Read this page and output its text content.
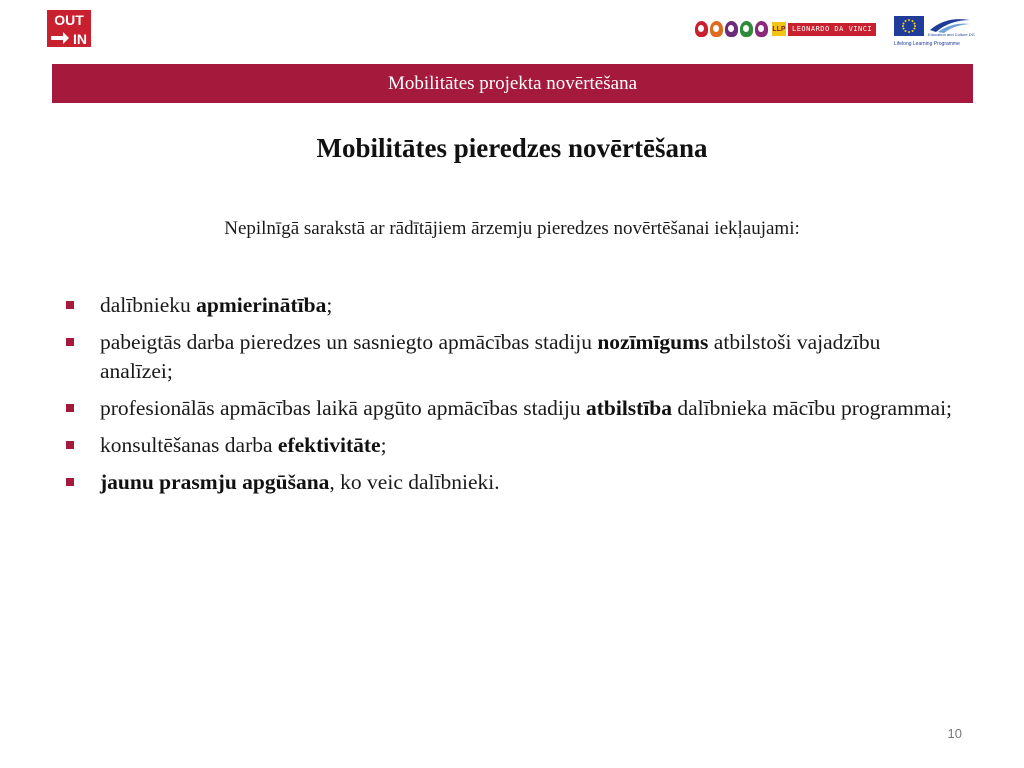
OUT
IN
LLP LEONARDO DA VINCI
Education and Culture DG
Lifelong Learning Programme
Mobilitātes projekta novērtēšana
Mobilitātes pieredzes novērtēšana
Nepilnīgā sarakstā ar rādītājiem ārzemju pieredzes novērtēšanai iekļaujami:
dalībnieku apmierinātība;
pabeigtās darba pieredzes un sasniegto apmācības stadiju nozīmīgums atbilstoši vajadzību analīzei;
profesionālās apmācības laikā apgūto apmācības stadiju atbilstība dalībnieka mācību programmai;
konsultēšanas darba efektivitāte;
jaunu prasmju apgūšana, ko veic dalībnieki.
10
